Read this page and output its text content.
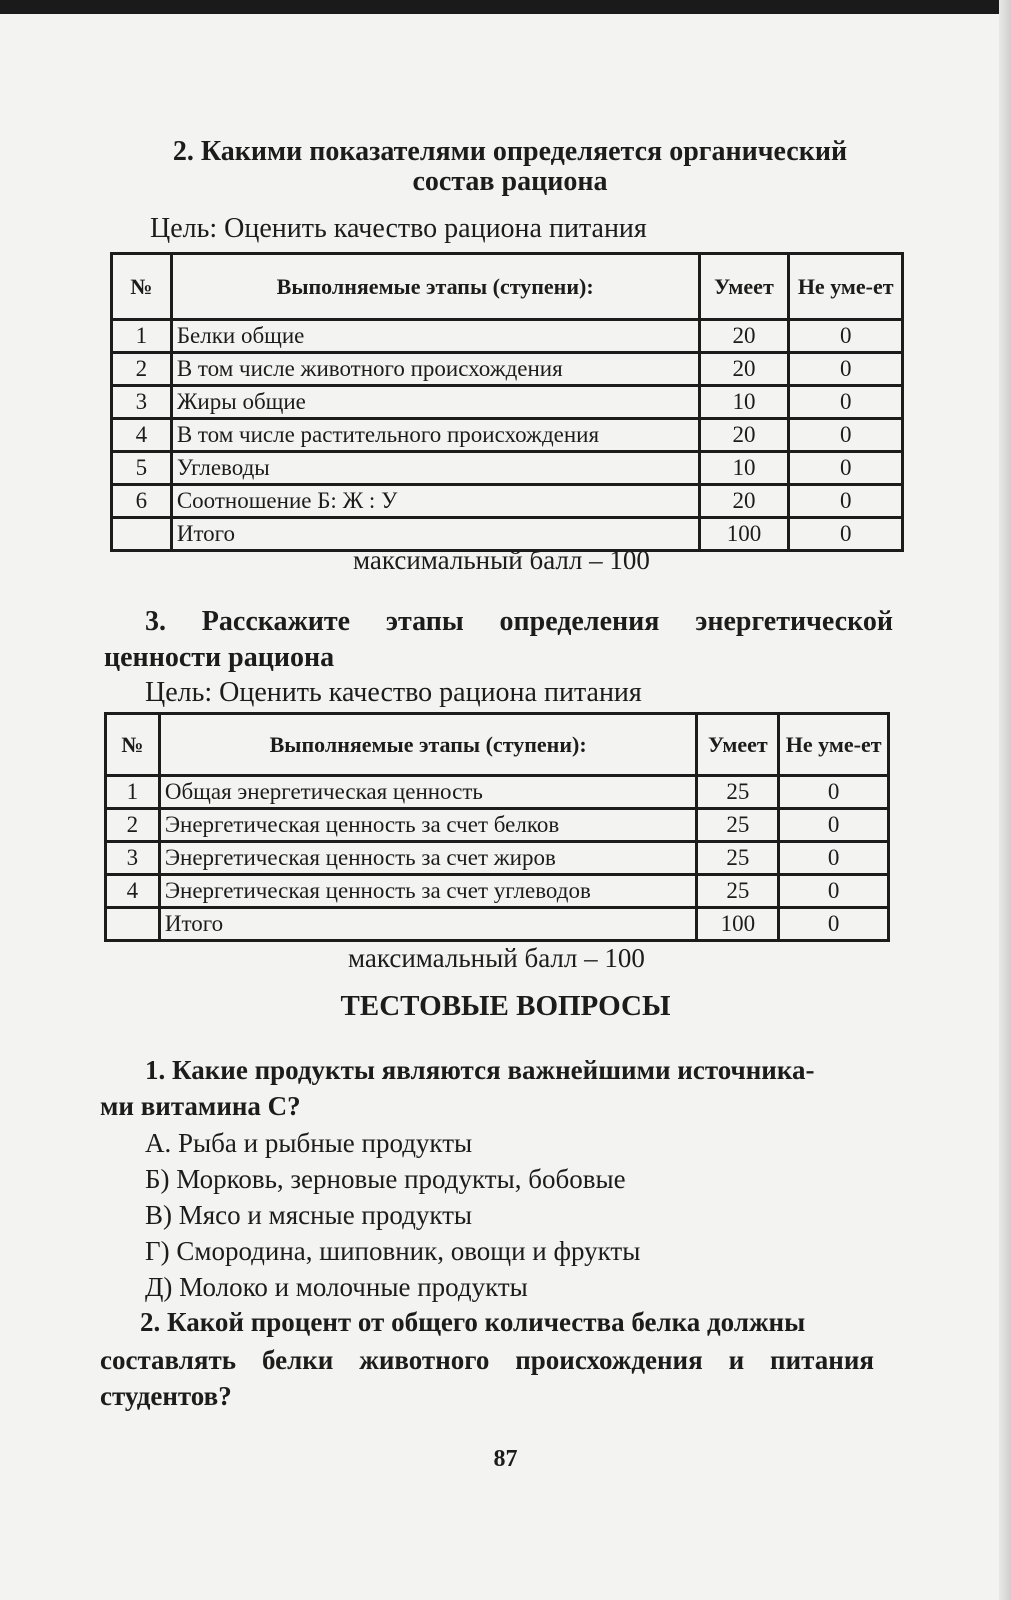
2. Какими показателями определяется органический
состав рациона
Цель: Оценить качество рациона питания
№	Выполняемые этапы (ступени):	Умеет	Не уме-ет
1	Белки общие	20	0
2	В том числе животного происхождения	20	0
3	Жиры общие	10	0
4	В том числе растительного происхождения	20	0
5	Углеводы	10	0
6	Соотношение Б: Ж : У	20	0
	Итого	100	0
максимальный балл – 100
3. Расскажите этапы определения энергетической
ценности рациона
Цель: Оценить качество рациона питания
№	Выполняемые этапы (ступени):	Умеет	Не уме-ет
1	Общая энергетическая ценность	25	0
2	Энергетическая ценность за счет белков	25	0
3	Энергетическая ценность за счет жиров	25	0
4	Энергетическая ценность за счет углеводов	25	0
	Итого	100	0
максимальный балл – 100
ТЕСТОВЫЕ ВОПРОСЫ
1. Какие продукты являются важнейшими источника-
ми витамина С?
А. Рыба и рыбные продукты
Б) Морковь, зерновые продукты, бобовые
В) Мясо и мясные продукты
Г) Смородина, шиповник, овощи и фрукты
Д) Молоко и молочные продукты
2. Какой процент от общего количества белка должны
составлять белки животного происхождения и питания
студентов?
87
